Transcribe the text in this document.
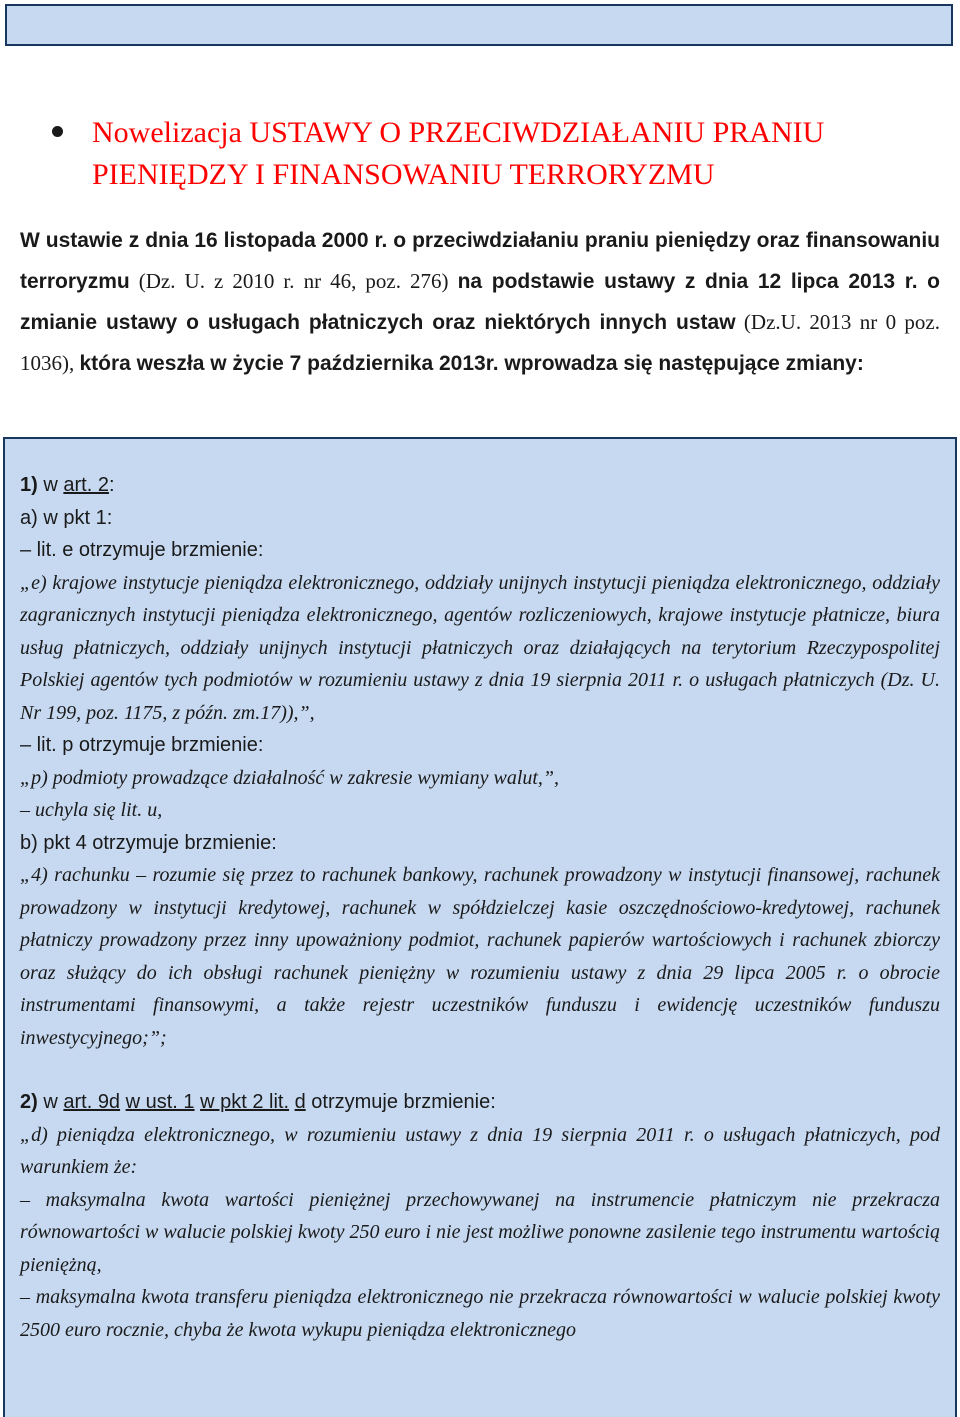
Nowelizacja USTAWY O PRZECIWDZIAŁANIU PRANIU PIENIĘDZY I FINANSOWANIU TERRORYZMU
W ustawie z dnia 16 listopada 2000 r. o przeciwdziałaniu praniu pieniędzy oraz finansowaniu terroryzmu (Dz. U. z 2010 r. nr 46, poz. 276) na podstawie ustawy z dnia 12 lipca 2013 r. o zmianie ustawy o usługach płatniczych oraz niektórych innych ustaw (Dz.U. 2013 nr 0 poz. 1036), która weszła w życie 7 października 2013r. wprowadza się następujące zmiany:

1) w art. 2:

a) w pkt 1:

– lit. e otrzymuje brzmienie:

„e) krajowe instytucje pieniądza elektronicznego, oddziały unijnych instytucji pieniądza elektronicznego, oddziały zagranicznych instytucji pieniądza elektronicznego, agentów rozliczeniowych, krajowe instytucje płatnicze, biura usług płatniczych, oddziały unijnych instytucji płatniczych oraz działających na terytorium Rzeczypospolitej Polskiej agentów tych podmiotów w rozumieniu ustawy z dnia 19 sierpnia 2011 r. o usługach płatniczych (Dz. U. Nr 199, poz. 1175, z późn. zm.17)),”,

– lit. p otrzymuje brzmienie:

„p) podmioty prowadzące działalność w zakresie wymiany walut,”,

– uchyla się lit. u,

b) pkt 4 otrzymuje brzmienie:

„4) rachunku – rozumie się przez to rachunek bankowy, rachunek prowadzony w instytucji finansowej, rachunek prowadzony w instytucji kredytowej, rachunek w spółdzielczej kasie oszczędnościowo-kredytowej, rachunek płatniczy prowadzony przez inny upoważniony podmiot, rachunek papierów wartościowych i rachunek zbiorczy oraz służący do ich obsługi rachunek pieniężny w rozumieniu ustawy z dnia 29 lipca 2005 r. o obrocie instrumentami finansowymi, a także rejestr uczestników funduszu i ewidencję uczestników funduszu inwestycyjnego;”;

2) w art. 9d w ust. 1 w pkt 2 lit. d otrzymuje brzmienie:

„d) pieniądza elektronicznego, w rozumieniu ustawy z dnia 19 sierpnia 2011 r. o usługach płatniczych, pod warunkiem że:

– maksymalna kwota wartości pieniężnej przechowywanej na instrumencie płatniczym nie przekracza równowartości w walucie polskiej kwoty 250 euro i nie jest możliwe ponowne zasilenie tego instrumentu wartością pieniężną,

– maksymalna kwota transferu pieniądza elektronicznego nie przekracza równowartości w walucie polskiej kwoty 2500 euro rocznie, chyba że kwota wykupu pieniądza elektronicznego
